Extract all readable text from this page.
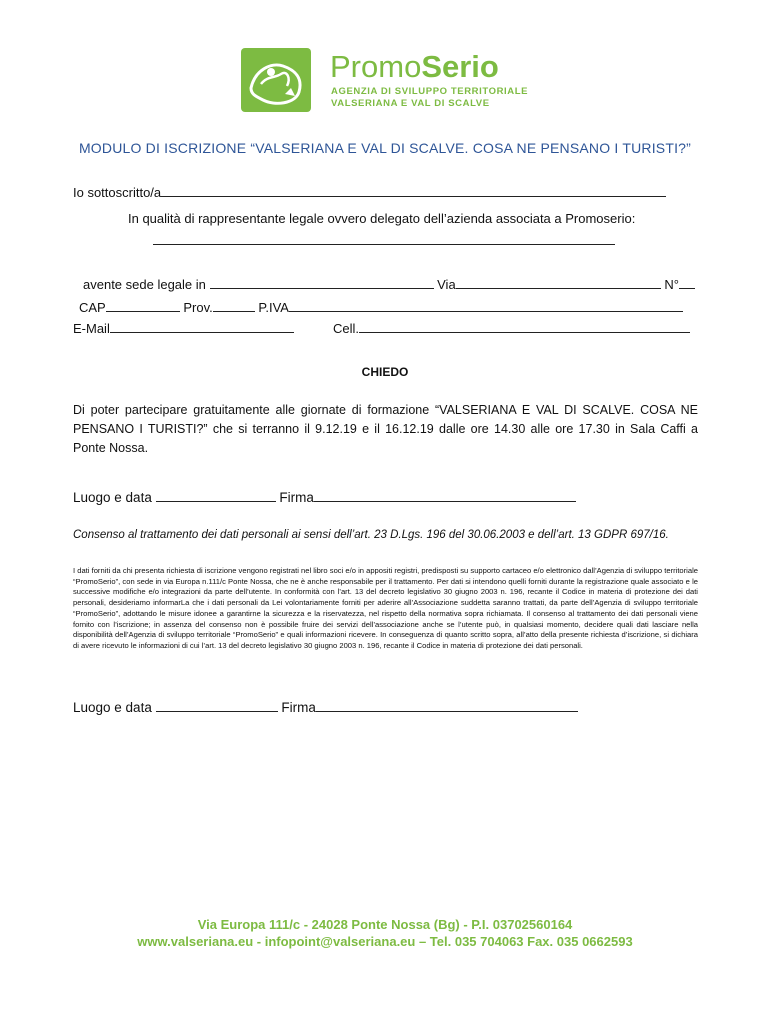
PromoSerio
AGENZIA DI SVILUPPO TERRITORIALE
VALSERIANA E VAL DI SCALVE
MODULO DI ISCRIZIONE “VALSERIANA E VAL DI SCALVE. COSA NE PENSANO I TURISTI?”
Io sottoscritto/a
In qualità di rappresentante legale ovvero delegato dell’azienda associata a Promoserio:
avente sede legale in	Via	N°
CAP	Prov.	P.IVA
E-Mail	Cell.
CHIEDO
Di poter partecipare gratuitamente alle giornate di formazione “VALSERIANA E VAL DI SCALVE. COSA NE PENSANO I TURISTI?” che si terranno il 9.12.19 e il 16.12.19 dalle ore 14.30 alle ore 17.30 in Sala Caffi a Ponte Nossa.
Luogo e data	Firma
Consenso al trattamento dei dati personali ai sensi dell’art. 23 D.Lgs. 196 del 30.06.2003 e dell’art. 13 GDPR 697/16.
I dati forniti da chi presenta richiesta di iscrizione vengono registrati nel libro soci e/o in appositi registri, predisposti su supporto cartaceo e/o elettronico dall’Agenzia di sviluppo territoriale “PromoSerio”, con sede in via Europa n.111/c Ponte Nossa, che ne è anche responsabile per il trattamento. Per dati si intendono quelli forniti durante la registrazione quale associato e le successive modifiche e/o integrazioni da parte dell’utente. In conformità con l’art. 13 del decreto legislativo 30 giugno 2003 n. 196, recante il Codice in materia di protezione dei dati personali, desideriamo informarLa che i dati personali da Lei volontariamente forniti per aderire all’Associazione suddetta saranno trattati, da parte dell’Agenzia di sviluppo territoriale “PromoSerio”, adottando le misure idonee a garantirne la sicurezza e la riservatezza, nel rispetto della normativa sopra richiamata. Il consenso al trattamento dei dati personali viene fornito con l’iscrizione; in assenza del consenso non è possibile fruire dei servizi dell’associazione anche se l’utente può, in qualsiasi momento, decidere quali dati lasciare nella disponibilità dell’Agenzia di sviluppo territoriale “PromoSerio” e quali informazioni ricevere. In conseguenza di quanto scritto sopra, all’atto della presente richiesta d’iscrizione, si dichiara di avere ricevuto le informazioni di cui l’art. 13 del decreto legislativo 30 giugno 2003 n. 196, recante il Codice in materia di protezione dei dati personali.
Luogo e data	Firma
Via Europa 111/c - 24028 Ponte Nossa (Bg) - P.I. 03702560164
www.valseriana.eu - infopoint@valseriana.eu – Tel. 035 704063 Fax. 035 0662593
